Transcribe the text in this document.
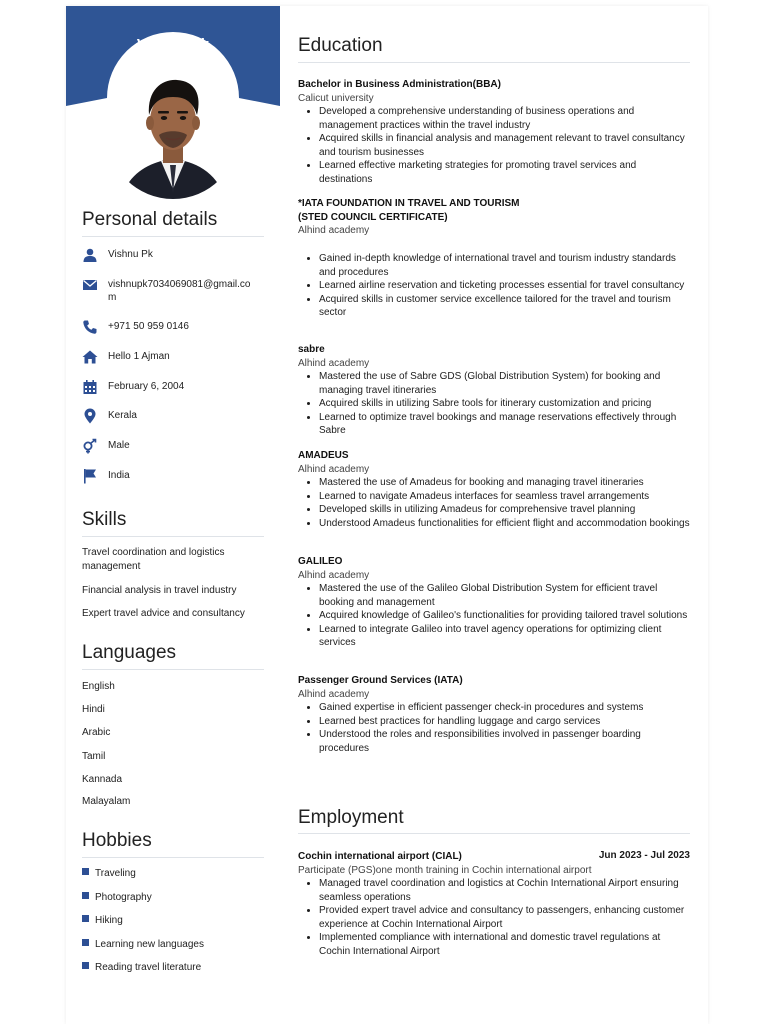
Vishnu Pk
Personal details
Vishnu Pk
vishnupk7034069081@gmail.com
+971 50 959 0146
Hello 1 Ajman
February 6, 2004
Kerala
Male
India
Skills
Travel coordination and logistics management
Financial analysis in travel industry
Expert travel advice and consultancy
Languages
English
Hindi
Arabic
Tamil
Kannada
Malayalam
Hobbies
Traveling
Photography
Hiking
Learning new languages
Reading travel literature
Education
Bachelor in Business Administration(BBA)
Calicut university
• Developed a comprehensive understanding of business operations and management practices within the travel industry
• Acquired skills in financial analysis and management relevant to travel consultancy and tourism businesses
• Learned effective marketing strategies for promoting travel services and destinations
*IATA FOUNDATION IN TRAVEL AND TOURISM (STED COUNCIL CERTIFICATE)
Alhind academy
• Gained in-depth knowledge of international travel and tourism industry standards and procedures
• Learned airline reservation and ticketing processes essential for travel consultancy
• Acquired skills in customer service excellence tailored for the travel and tourism sector
sabre
Alhind academy
• Mastered the use of Sabre GDS (Global Distribution System) for booking and managing travel itineraries
• Acquired skills in utilizing Sabre tools for itinerary customization and pricing
• Learned to optimize travel bookings and manage reservations effectively through Sabre
AMADEUS
Alhind academy
• Mastered the use of Amadeus for booking and managing travel itineraries
• Learned to navigate Amadeus interfaces for seamless travel arrangements
• Developed skills in utilizing Amadeus for comprehensive travel planning
• Understood Amadeus functionalities for efficient flight and accommodation bookings
GALILEO
Alhind academy
• Mastered the use of the Galileo Global Distribution System for efficient travel booking and management
• Acquired knowledge of Galileo's functionalities for providing tailored travel solutions
• Learned to integrate Galileo into travel agency operations for optimizing client services
Passenger Ground Services (IATA)
Alhind academy
• Gained expertise in efficient passenger check-in procedures and systems
• Learned best practices for handling luggage and cargo services
• Understood the roles and responsibilities involved in passenger boarding procedures
Employment
Cochin international airport (CIAL)	Jun 2023 - Jul 2023
Participate (PGS)one month training in Cochin international airport
• Managed travel coordination and logistics at Cochin International Airport ensuring seamless operations
• Provided expert travel advice and consultancy to passengers, enhancing customer experience at Cochin International Airport
• Implemented compliance with international and domestic travel regulations at Cochin International Airport
